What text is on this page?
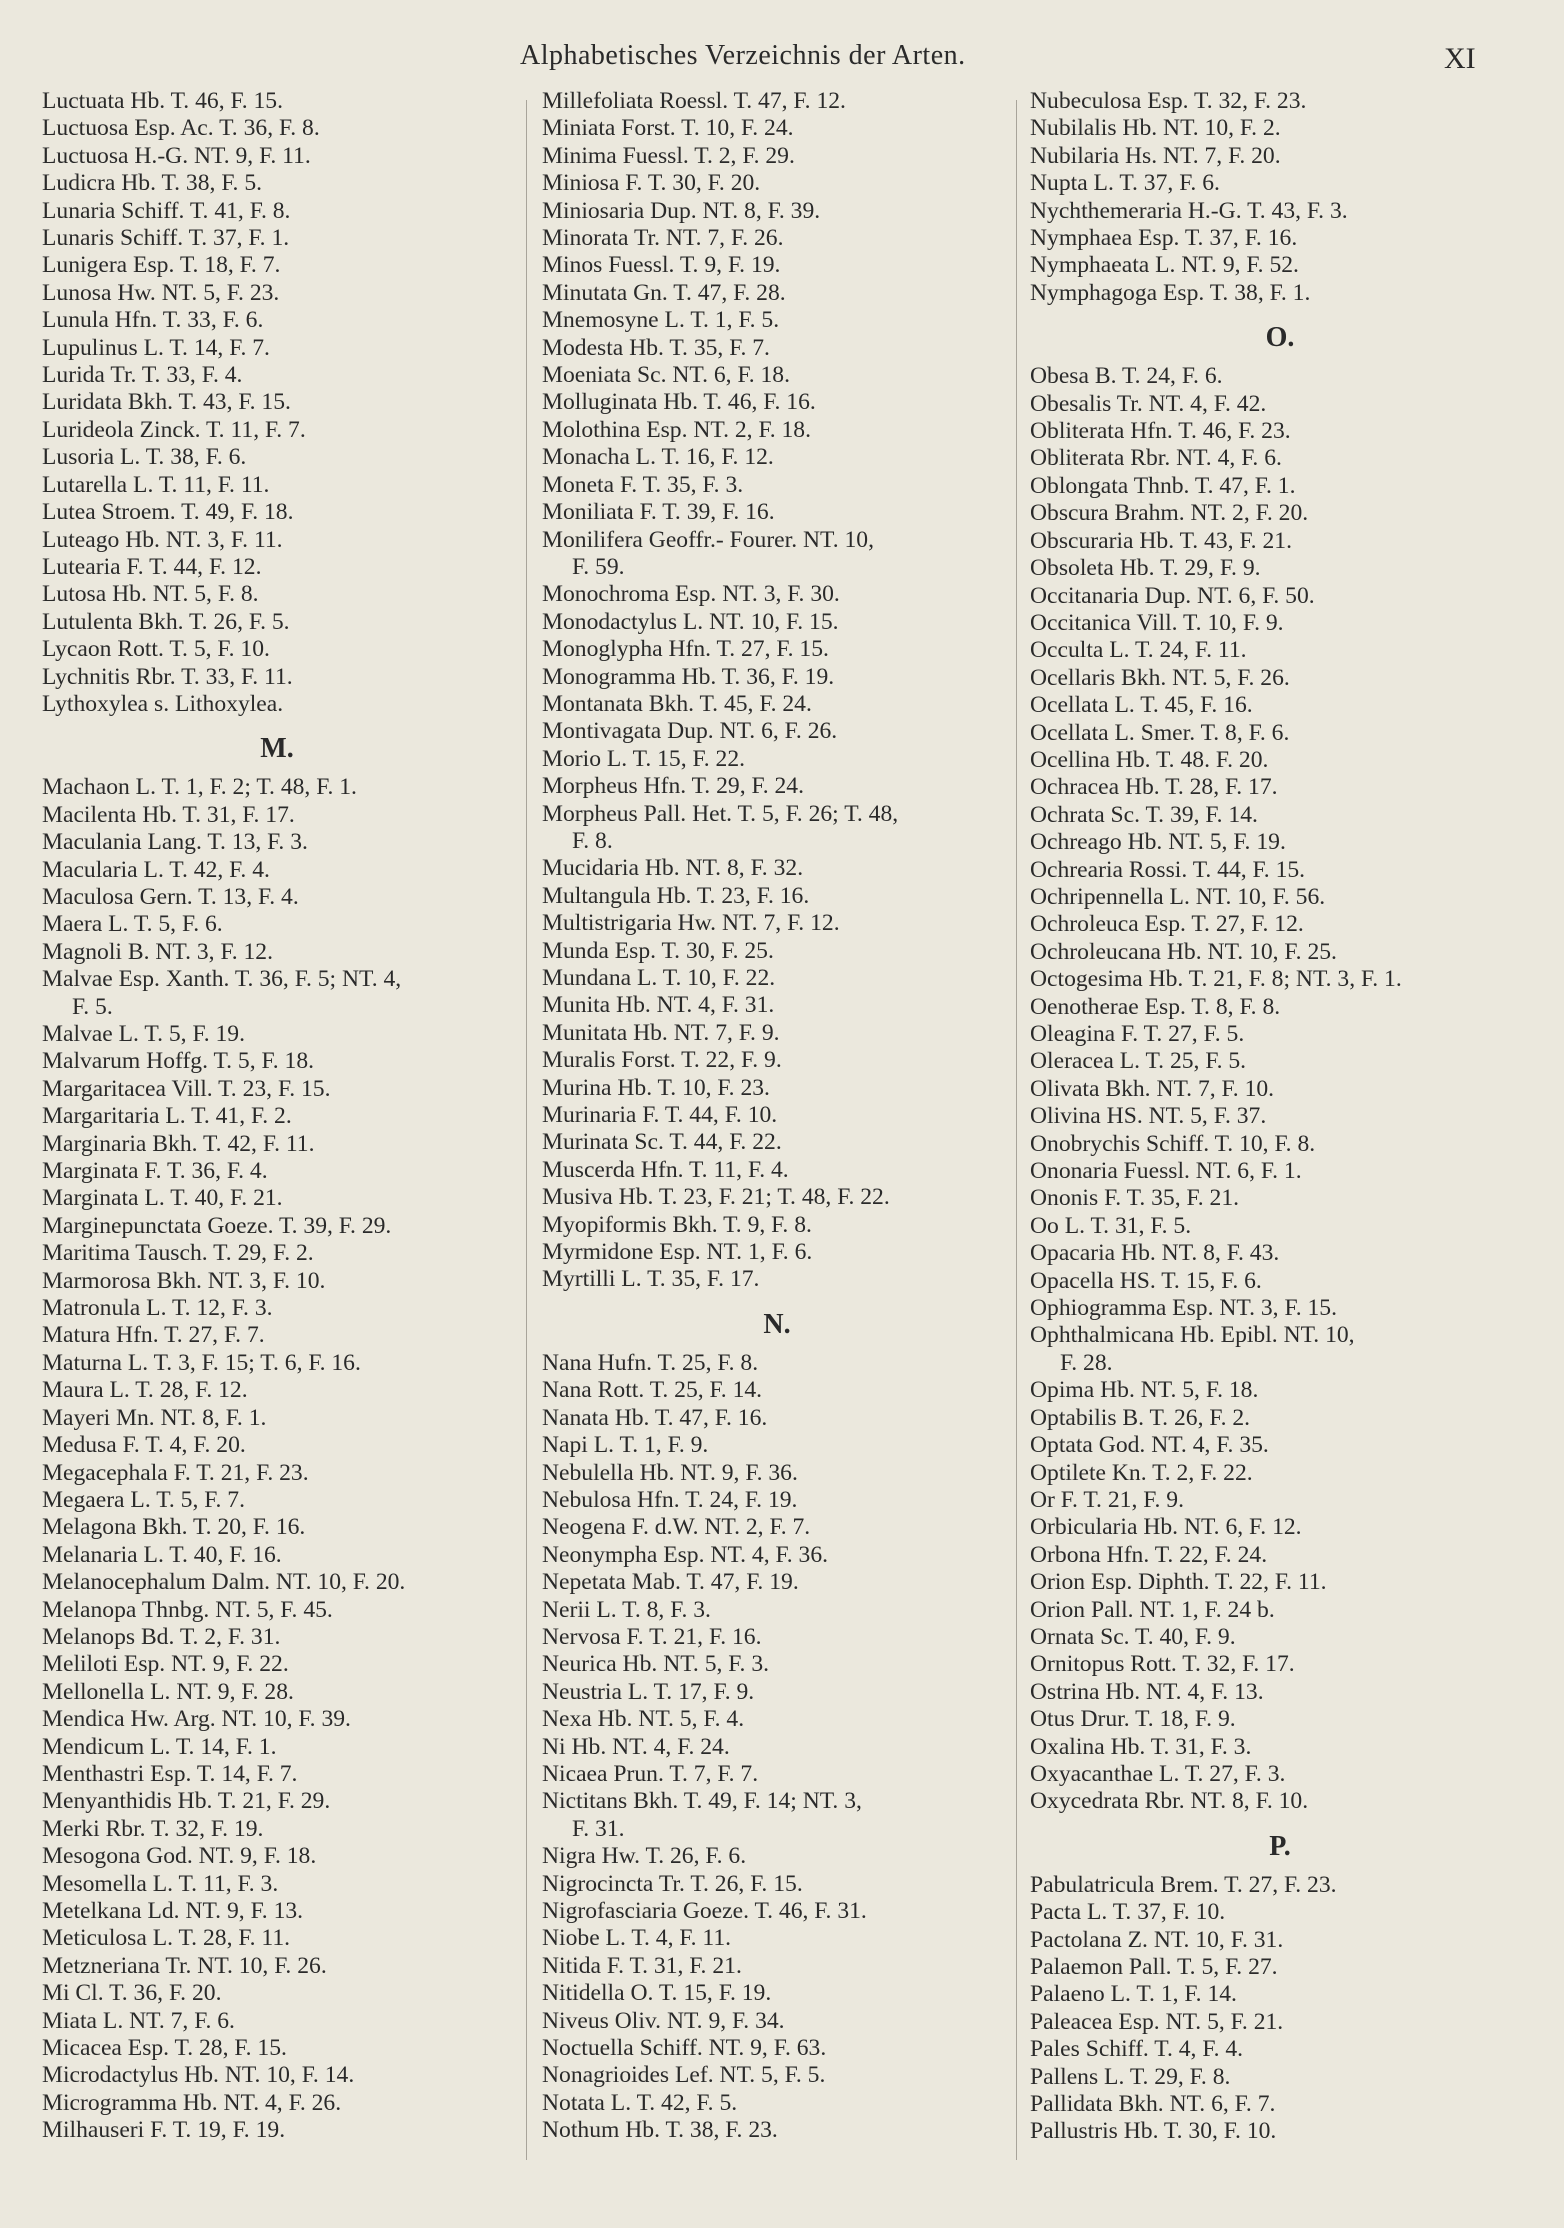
Alphabetisches Verzeichnis der Arten.	XI
Luctuata Hb. T. 46, F. 15.
Luctuosa Esp. Ac. T. 36, F. 8.
Luctuosa H.-G. NT. 9, F. 11.
Ludicra Hb. T. 38, F. 5.
Lunaria Schiff. T. 41, F. 8.
Lunaris Schiff. T. 37, F. 1.
Lunigera Esp. T. 18, F. 7.
Lunosa Hw. NT. 5, F. 23.
Lunula Hfn. T. 33, F. 6.
Lupulinus L. T. 14, F. 7.
Lurida Tr. T. 33, F. 4.
Luridata Bkh. T. 43, F. 15.
Lurideola Zinck. T. 11, F. 7.
Lusoria L. T. 38, F. 6.
Lutarella L. T. 11, F. 11.
Lutea Stroem. T. 49, F. 18.
Luteago Hb. NT. 3, F. 11.
Lutearia F. T. 44, F. 12.
Lutosa Hb. NT. 5, F. 8.
Lutulenta Bkh. T. 26, F. 5.
Lycaon Rott. T. 5, F. 10.
Lychnitis Rbr. T. 33, F. 11.
Lythoxylea s. Lithoxylea.
M.
Machaon L. T. 1, F. 2; T. 48, F. 1.
Macilenta Hb. T. 31, F. 17.
Maculania Lang. T. 13, F. 3.
Macularia L. T. 42, F. 4.
Maculosa Gern. T. 13, F. 4.
Maera L. T. 5, F. 6.
Magnoli B. NT. 3, F. 12.
Malvae Esp. Xanth. T. 36, F. 5; NT. 4,
F. 5.
Malvae L. T. 5, F. 19.
Malvarum Hoffg. T. 5, F. 18.
Margaritacea Vill. T. 23, F. 15.
Margaritaria L. T. 41, F. 2.
Marginaria Bkh. T. 42, F. 11.
Marginata F. T. 36, F. 4.
Marginata L. T. 40, F. 21.
Marginepunctata Goeze. T. 39, F. 29.
Maritima Tausch. T. 29, F. 2.
Marmorosa Bkh. NT. 3, F. 10.
Matronula L. T. 12, F. 3.
Matura Hfn. T. 27, F. 7.
Maturna L. T. 3, F. 15; T. 6, F. 16.
Maura L. T. 28, F. 12.
Mayeri Mn. NT. 8, F. 1.
Medusa F. T. 4, F. 20.
Megacephala F. T. 21, F. 23.
Megaera L. T. 5, F. 7.
Melagona Bkh. T. 20, F. 16.
Melanaria L. T. 40, F. 16.
Melanocephalum Dalm. NT. 10, F. 20.
Melanopa Thnbg. NT. 5, F. 45.
Melanops Bd. T. 2, F. 31.
Meliloti Esp. NT. 9, F. 22.
Mellonella L. NT. 9, F. 28.
Mendica Hw. Arg. NT. 10, F. 39.
Mendicum L. T. 14, F. 1.
Menthastri Esp. T. 14, F. 7.
Menyanthidis Hb. T. 21, F. 29.
Merki Rbr. T. 32, F. 19.
Mesogona God. NT. 9, F. 18.
Mesomella L. T. 11, F. 3.
Metelkana Ld. NT. 9, F. 13.
Meticulosa L. T. 28, F. 11.
Metzneriana Tr. NT. 10, F. 26.
Mi Cl. T. 36, F. 20.
Miata L. NT. 7, F. 6.
Micacea Esp. T. 28, F. 15.
Microdactylus Hb. NT. 10, F. 14.
Microgramma Hb. NT. 4, F. 26.
Milhauseri F. T. 19, F. 19.
Millefoliata Roessl. T. 47, F. 12.
Miniata Forst. T. 10, F. 24.
Minima Fuessl. T. 2, F. 29.
Miniosa F. T. 30, F. 20.
Miniosaria Dup. NT. 8, F. 39.
Minorata Tr. NT. 7, F. 26.
Minos Fuessl. T. 9, F. 19.
Minutata Gn. T. 47, F. 28.
Mnemosyne L. T. 1, F. 5.
Modesta Hb. T. 35, F. 7.
Moeniata Sc. NT. 6, F. 18.
Molluginata Hb. T. 46, F. 16.
Molothina Esp. NT. 2, F. 18.
Monacha L. T. 16, F. 12.
Moneta F. T. 35, F. 3.
Moniliata F. T. 39, F. 16.
Monilifera Geoffr.- Fourer. NT. 10,
F. 59.
Monochroma Esp. NT. 3, F. 30.
Monodactylus L. NT. 10, F. 15.
Monoglypha Hfn. T. 27, F. 15.
Monogramma Hb. T. 36, F. 19.
Montanata Bkh. T. 45, F. 24.
Montivagata Dup. NT. 6, F. 26.
Morio L. T. 15, F. 22.
Morpheus Hfn. T. 29, F. 24.
Morpheus Pall. Het. T. 5, F. 26; T. 48,
F. 8.
Mucidaria Hb. NT. 8, F. 32.
Multangula Hb. T. 23, F. 16.
Multistrigaria Hw. NT. 7, F. 12.
Munda Esp. T. 30, F. 25.
Mundana L. T. 10, F. 22.
Munita Hb. NT. 4, F. 31.
Munitata Hb. NT. 7, F. 9.
Muralis Forst. T. 22, F. 9.
Murina Hb. T. 10, F. 23.
Murinaria F. T. 44, F. 10.
Murinata Sc. T. 44, F. 22.
Muscerda Hfn. T. 11, F. 4.
Musiva Hb. T. 23, F. 21; T. 48, F. 22.
Myopiformis Bkh. T. 9, F. 8.
Myrmidone Esp. NT. 1, F. 6.
Myrtilli L. T. 35, F. 17.
N.
Nana Hufn. T. 25, F. 8.
Nana Rott. T. 25, F. 14.
Nanata Hb. T. 47, F. 16.
Napi L. T. 1, F. 9.
Nebulella Hb. NT. 9, F. 36.
Nebulosa Hfn. T. 24, F. 19.
Neogena F. d.W. NT. 2, F. 7.
Neonympha Esp. NT. 4, F. 36.
Nepetata Mab. T. 47, F. 19.
Nerii L. T. 8, F. 3.
Nervosa F. T. 21, F. 16.
Neurica Hb. NT. 5, F. 3.
Neustria L. T. 17, F. 9.
Nexa Hb. NT. 5, F. 4.
Ni Hb. NT. 4, F. 24.
Nicaea Prun. T. 7, F. 7.
Nictitans Bkh. T. 49, F. 14; NT. 3,
F. 31.
Nigra Hw. T. 26, F. 6.
Nigrocincta Tr. T. 26, F. 15.
Nigrofasciaria Goeze. T. 46, F. 31.
Niobe L. T. 4, F. 11.
Nitida F. T. 31, F. 21.
Nitidella O. T. 15, F. 19.
Niveus Oliv. NT. 9, F. 34.
Noctuella Schiff. NT. 9, F. 63.
Nonagrioides Lef. NT. 5, F. 5.
Notata L. T. 42, F. 5.
Nothum Hb. T. 38, F. 23.
Nubeculosa Esp. T. 32, F. 23.
Nubilalis Hb. NT. 10, F. 2.
Nubilaria Hs. NT. 7, F. 20.
Nupta L. T. 37, F. 6.
Nychthemeraria H.-G. T. 43, F. 3.
Nymphaea Esp. T. 37, F. 16.
Nymphaeata L. NT. 9, F. 52.
Nymphagoga Esp. T. 38, F. 1.
O.
Obesa B. T. 24, F. 6.
Obesalis Tr. NT. 4, F. 42.
Obliterata Hfn. T. 46, F. 23.
Obliterata Rbr. NT. 4, F. 6.
Oblongata Thnb. T. 47, F. 1.
Obscura Brahm. NT. 2, F. 20.
Obscuraria Hb. T. 43, F. 21.
Obsoleta Hb. T. 29, F. 9.
Occitanaria Dup. NT. 6, F. 50.
Occitanica Vill. T. 10, F. 9.
Occulta L. T. 24, F. 11.
Ocellaris Bkh. NT. 5, F. 26.
Ocellata L. T. 45, F. 16.
Ocellata L. Smer. T. 8, F. 6.
Ocellina Hb. T. 48. F. 20.
Ochracea Hb. T. 28, F. 17.
Ochrata Sc. T. 39, F. 14.
Ochreago Hb. NT. 5, F. 19.
Ochrearia Rossi. T. 44, F. 15.
Ochripennella L. NT. 10, F. 56.
Ochroleuca Esp. T. 27, F. 12.
Ochroleucana Hb. NT. 10, F. 25.
Octogesima Hb. T. 21, F. 8; NT. 3, F. 1.
Oenotherae Esp. T. 8, F. 8.
Oleagina F. T. 27, F. 5.
Oleracea L. T. 25, F. 5.
Olivata Bkh. NT. 7, F. 10.
Olivina HS. NT. 5, F. 37.
Onobrychis Schiff. T. 10, F. 8.
Ononaria Fuessl. NT. 6, F. 1.
Ononis F. T. 35, F. 21.
Oo L. T. 31, F. 5.
Opacaria Hb. NT. 8, F. 43.
Opacella HS. T. 15, F. 6.
Ophiogramma Esp. NT. 3, F. 15.
Ophthalmicana Hb. Epibl. NT. 10,
F. 28.
Opima Hb. NT. 5, F. 18.
Optabilis B. T. 26, F. 2.
Optata God. NT. 4, F. 35.
Optilete Kn. T. 2, F. 22.
Or F. T. 21, F. 9.
Orbicularia Hb. NT. 6, F. 12.
Orbona Hfn. T. 22, F. 24.
Orion Esp. Diphth. T. 22, F. 11.
Orion Pall. NT. 1, F. 24 b.
Ornata Sc. T. 40, F. 9.
Ornitopus Rott. T. 32, F. 17.
Ostrina Hb. NT. 4, F. 13.
Otus Drur. T. 18, F. 9.
Oxalina Hb. T. 31, F. 3.
Oxyacanthae L. T. 27, F. 3.
Oxycedrata Rbr. NT. 8, F. 10.
P.
Pabulatricula Brem. T. 27, F. 23.
Pacta L. T. 37, F. 10.
Pactolana Z. NT. 10, F. 31.
Palaemon Pall. T. 5, F. 27.
Palaeno L. T. 1, F. 14.
Paleacea Esp. NT. 5, F. 21.
Pales Schiff. T. 4, F. 4.
Pallens L. T. 29, F. 8.
Pallidata Bkh. NT. 6, F. 7.
Pallustris Hb. T. 30, F. 10.
